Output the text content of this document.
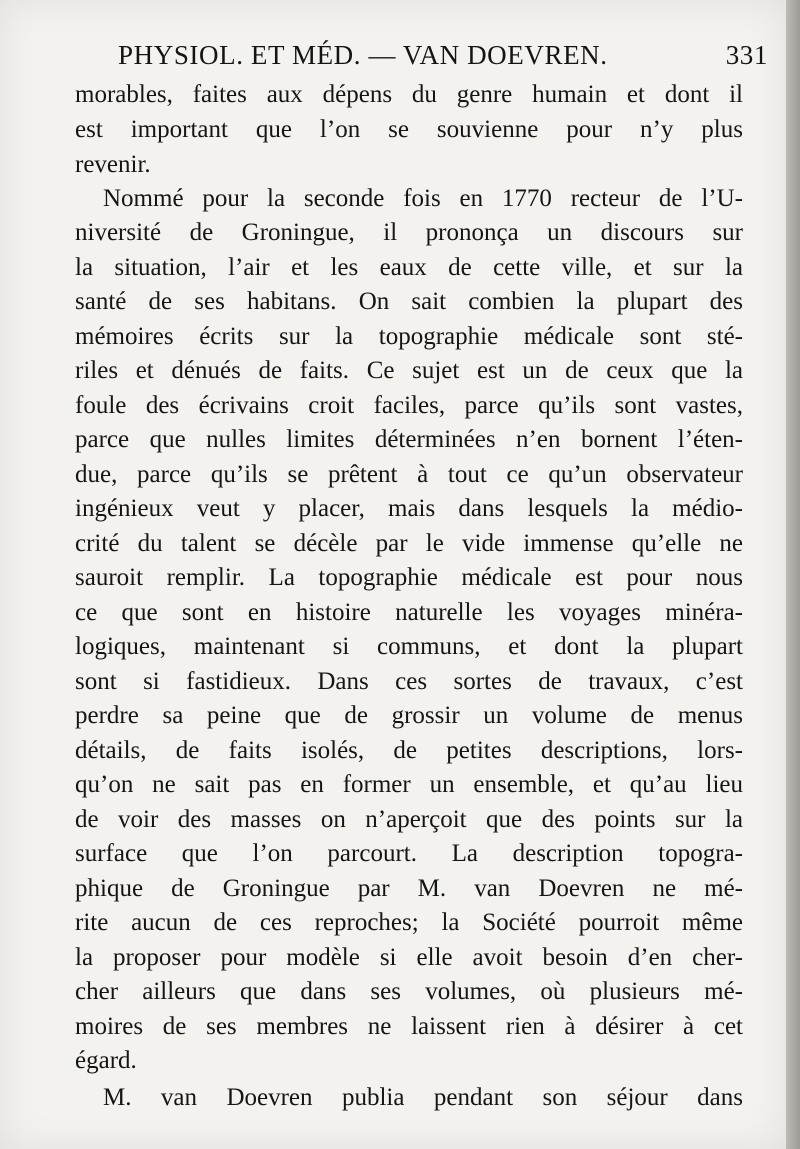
PHYSIOL. ET MÉD. — VAN DOEVREN.	331
morables, faites aux dépens du genre humain et dont il
est important que l’on se souvienne pour n’y plus
revenir.
Nommé pour la seconde fois en 1770 recteur de l’U-
niversité de Groningue, il prononça un discours sur
la situation, l’air et les eaux de cette ville, et sur la
santé de ses habitans. On sait combien la plupart des
mémoires écrits sur la topographie médicale sont sté-
riles et dénués de faits. Ce sujet est un de ceux que la
foule des écrivains croit faciles, parce qu’ils sont vastes,
parce que nulles limites déterminées n’en bornent l’éten-
due, parce qu’ils se prêtent à tout ce qu’un observateur
ingénieux veut y placer, mais dans lesquels la médio-
crité du talent se décèle par le vide immense qu’elle ne
sauroit remplir. La topographie médicale est pour nous
ce que sont en histoire naturelle les voyages minéra-
logiques, maintenant si communs, et dont la plupart
sont si fastidieux. Dans ces sortes de travaux, c’est
perdre sa peine que de grossir un volume de menus
détails, de faits isolés, de petites descriptions, lors-
qu’on ne sait pas en former un ensemble, et qu’au lieu
de voir des masses on n’aperçoit que des points sur la
surface que l’on parcourt. La description topogra-
phique de Groningue par M. van Doevren ne mé-
rite aucun de ces reproches; la Société pourroit même
la proposer pour modèle si elle avoit besoin d’en cher-
cher ailleurs que dans ses volumes, où plusieurs mé-
moires de ses membres ne laissent rien à désirer à cet
égard.
M. van Doevren publia pendant son séjour dans
